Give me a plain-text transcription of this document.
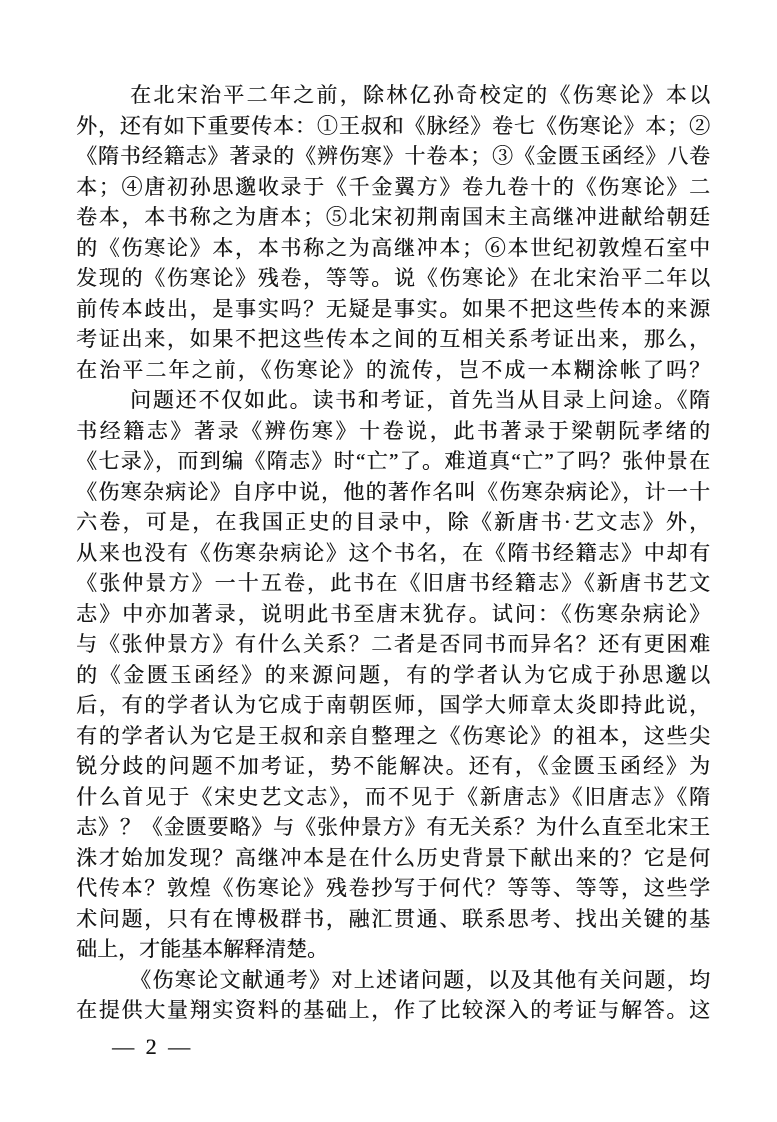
在北宋治平二年之前，除林亿孙奇校定的《伤寒论》本以
外，还有如下重要传本：①王叔和《脉经》卷七《伤寒论》本；②
《隋书经籍志》著录的《辨伤寒》十卷本；③《金匮玉函经》八卷
本；④唐初孙思邈收录于《千金翼方》卷九卷十的《伤寒论》二
卷本，本书称之为唐本；⑤北宋初荆南国末主高继冲进献给朝廷
的《伤寒论》本，本书称之为高继冲本；⑥本世纪初敦煌石室中
发现的《伤寒论》残卷，等等。说《伤寒论》在北宋治平二年以
前传本歧出，是事实吗？无疑是事实。如果不把这些传本的来源
考证出来，如果不把这些传本之间的互相关系考证出来，那么，
在治平二年之前，《伤寒论》的流传，岂不成一本糊涂帐了吗？
问题还不仅如此。读书和考证，首先当从目录上问途。《隋
书经籍志》著录《辨伤寒》十卷说，此书著录于梁朝阮孝绪的
《七录》，而到编《隋志》时“亡”了。难道真“亡”了吗？张仲景在
《伤寒杂病论》自序中说，他的著作名叫《伤寒杂病论》，计一十
六卷，可是，在我国正史的目录中，除《新唐书·艺文志》外，
从来也没有《伤寒杂病论》这个书名，在《隋书经籍志》中却有
《张仲景方》一十五卷，此书在《旧唐书经籍志》《新唐书艺文
志》中亦加著录，说明此书至唐末犹存。试问：《伤寒杂病论》
与《张仲景方》有什么关系？二者是否同书而异名？还有更困难
的《金匮玉函经》的来源问题，有的学者认为它成于孙思邈以
后，有的学者认为它成于南朝医师，国学大师章太炎即持此说，
有的学者认为它是王叔和亲自整理之《伤寒论》的祖本，这些尖
锐分歧的问题不加考证，势不能解决。还有，《金匮玉函经》为
什么首见于《宋史艺文志》，而不见于《新唐志》《旧唐志》《隋
志》？《金匮要略》与《张仲景方》有无关系？为什么直至北宋王
洙才始加发现？高继冲本是在什么历史背景下献出来的？它是何
代传本？敦煌《伤寒论》残卷抄写于何代？等等、等等，这些学
术问题，只有在博极群书，融汇贯通、联系思考、找出关键的基
础上，才能基本解释清楚。
《伤寒论文献通考》对上述诸问题，以及其他有关问题，均
在提供大量翔实资料的基础上，作了比较深入的考证与解答。这
— 2 —
